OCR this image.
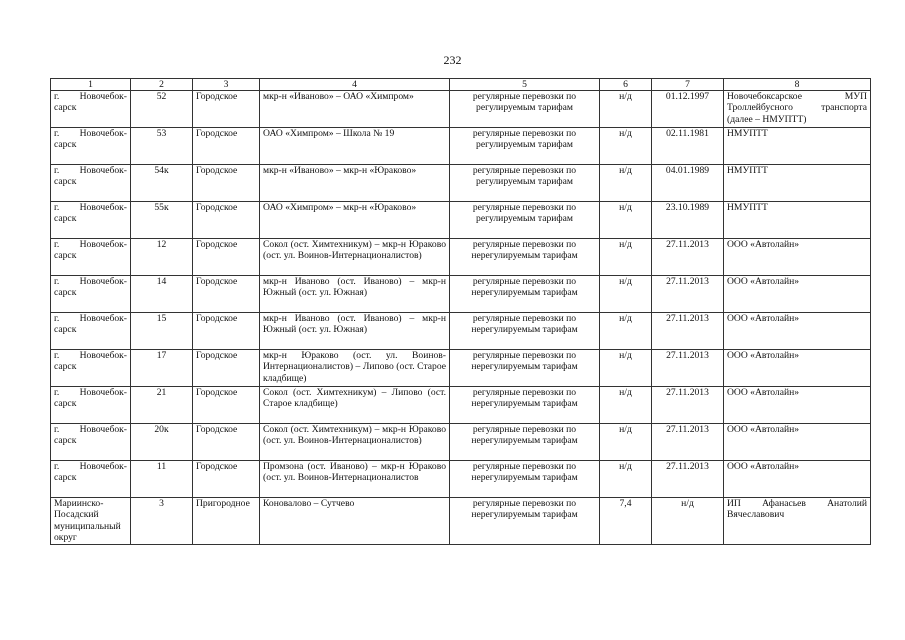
232
1	2	3	4	5	6	7	8
г. Новочебок-сарск	52	Городское	мкр-н «Иваново» – ОАО «Химпром»	регулярные перевозки по регулируемым тарифам	н/д	01.12.1997	Новочебоксарское МУП Троллейбусного транспорта (далее – НМУПТТ)
г. Новочебок-сарск	53	Городское	ОАО «Химпром» – Школа № 19	регулярные перевозки по регулируемым тарифам	н/д	02.11.1981	НМУПТТ
г. Новочебок-сарск	54к	Городское	мкр-н «Иваново» – мкр-н «Юраково»	регулярные перевозки по регулируемым тарифам	н/д	04.01.1989	НМУПТТ
г. Новочебок-сарск	55к	Городское	ОАО «Химпром» – мкр-н «Юраково»	регулярные перевозки по регулируемым тарифам	н/д	23.10.1989	НМУПТТ
г. Новочебок-сарск	12	Городское	Сокол (ост. Химтехникум) – мкр-н Юраково (ост. ул. Воинов-Интернационалистов)	регулярные перевозки по нерегулируемым тарифам	н/д	27.11.2013	ООО «Автолайн»
г. Новочебок-сарск	14	Городское	мкр-н Иваново (ост. Иваново) – мкр-н Южный (ост. ул. Южная)	регулярные перевозки по нерегулируемым тарифам	н/д	27.11.2013	ООО «Автолайн»
г. Новочебок-сарск	15	Городское	мкр-н Иваново (ост. Иваново) – мкр-н Южный (ост. ул. Южная)	регулярные перевозки по нерегулируемым тарифам	н/д	27.11.2013	ООО «Автолайн»
г. Новочебок-сарск	17	Городское	мкр-н Юраково (ост. ул. Воинов-Интернационалистов) – Липово (ост. Старое кладбище)	регулярные перевозки по нерегулируемым тарифам	н/д	27.11.2013	ООО «Автолайн»
г. Новочебок-сарск	21	Городское	Сокол (ост. Химтехникум) – Липово (ост. Старое кладбище)	регулярные перевозки по нерегулируемым тарифам	н/д	27.11.2013	ООО «Автолайн»
г. Новочебок-сарск	20к	Городское	Сокол (ост. Химтехникум) – мкр-н Юраково (ост. ул. Воинов-Интернационалистов)	регулярные перевозки по нерегулируемым тарифам	н/д	27.11.2013	ООО «Автолайн»
г. Новочебок-сарск	11	Городское	Промзона (ост. Иваново) – мкр-н Юраково (ост. ул. Воинов-Интернационалистов	регулярные перевозки по нерегулируемым тарифам	н/д	27.11.2013	ООО «Автолайн»
Мариинско-Посадский муниципальный округ	3	Пригородное	Коновалово – Сутчево	регулярные перевозки по нерегулируемым тарифам	7,4	н/д	ИП Афанасьев Анатолий Вячеславович
